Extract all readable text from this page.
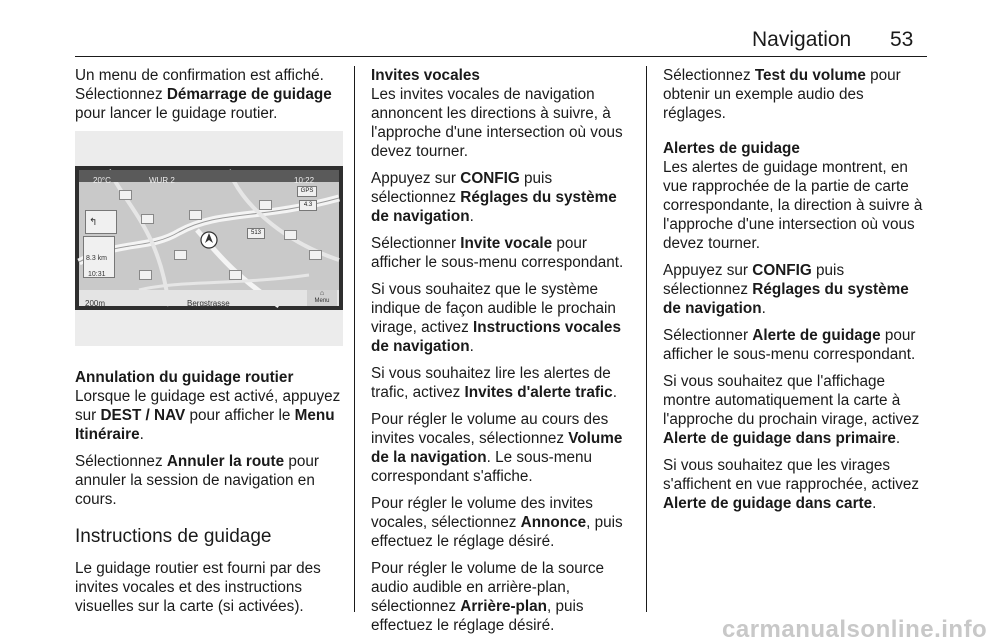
Navigation 53

Un menu de confirmation est affiché. Sélectionnez Démarrage de guidage pour lancer le guidage routier.

20°C	WUR 2	10:22
↰
8.3 km
10:31
GPS
4.3
513
200m	Bergstrasse
⌂
Menu

Annulation du guidage routier
Lorsque le guidage est activé, appuyez sur DEST / NAV pour afficher le Menu Itinéraire.

Sélectionnez Annuler la route pour annuler la session de navigation en cours.

Instructions de guidage

Le guidage routier est fourni par des invites vocales et des instructions visuelles sur la carte (si activées).

Invites vocales
Les invites vocales de navigation annoncent les directions à suivre, à l'approche d'une intersection où vous devez tourner.

Appuyez sur CONFIG puis sélectionnez Réglages du système de navigation.

Sélectionner Invite vocale pour afficher le sous-menu correspondant.

Si vous souhaitez que le système indique de façon audible le prochain virage, activez Instructions vocales de navigation.

Si vous souhaitez lire les alertes de trafic, activez Invites d'alerte trafic.

Pour régler le volume au cours des invites vocales, sélectionnez Volume de la navigation. Le sous-menu correspondant s'affiche.

Pour régler le volume des invites vocales, sélectionnez Annonce, puis effectuez le réglage désiré.

Pour régler le volume de la source audio audible en arrière-plan, sélectionnez Arrière-plan, puis effectuez le réglage désiré.

Sélectionnez Test du volume pour obtenir un exemple audio des réglages.

Alertes de guidage
Les alertes de guidage montrent, en vue rapprochée de la partie de carte correspondante, la direction à suivre à l'approche d'une intersection où vous devez tourner.

Appuyez sur CONFIG puis sélectionnez Réglages du système de navigation.

Sélectionner Alerte de guidage pour afficher le sous-menu correspondant.

Si vous souhaitez que l'affichage montre automatiquement la carte à l'approche du prochain virage, activez Alerte de guidage dans primaire.

Si vous souhaitez que les virages s'affichent en vue rapprochée, activez Alerte de guidage dans carte.

carmanualsonline.info
